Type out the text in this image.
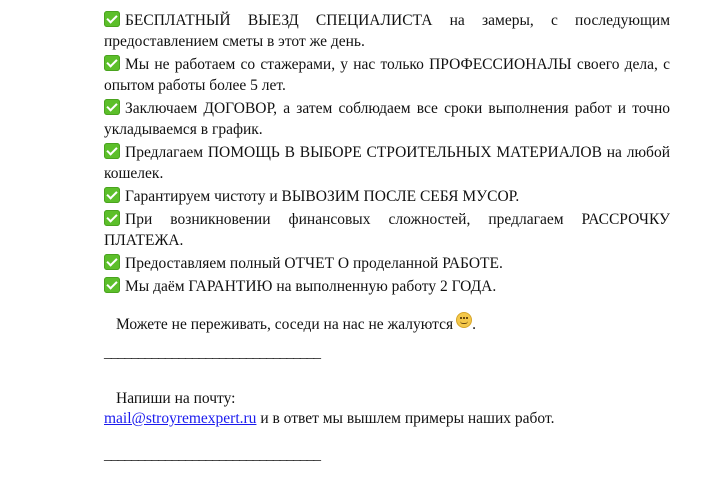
БЕСПЛАТНЫЙ ВЫЕЗД СПЕЦИАЛИСТА на замеры, с последующим предоставлением сметы в этот же день.
Мы не работаем со стажерами, у нас только ПРОФЕССИОНАЛЫ своего дела, с опытом работы более 5 лет.
Заключаем ДОГОВОР, а затем соблюдаем все сроки выполнения работ и точно укладываемся в график.
Предлагаем ПОМОЩЬ В ВЫБОРЕ СТРОИТЕЛЬНЫХ МАТЕРИАЛОВ на любой кошелек.
Гарантируем чистоту и ВЫВОЗИМ ПОСЛЕ СЕБЯ МУСОР.
При возникновении финансовых сложностей, предлагаем РАССРОЧКУ ПЛАТЕЖА.
Предоставляем полный ОТЧЕТ О проделанной РАБОТЕ.
Мы даём ГАРАНТИЮ на выполненную работу 2 ГОДА.

Можете не переживать, соседи на нас не жалуются .

________________________________

Напиши на почту:

mail@stroyremexpert.ru и в ответ мы вышлем примеры наших работ.

________________________________
